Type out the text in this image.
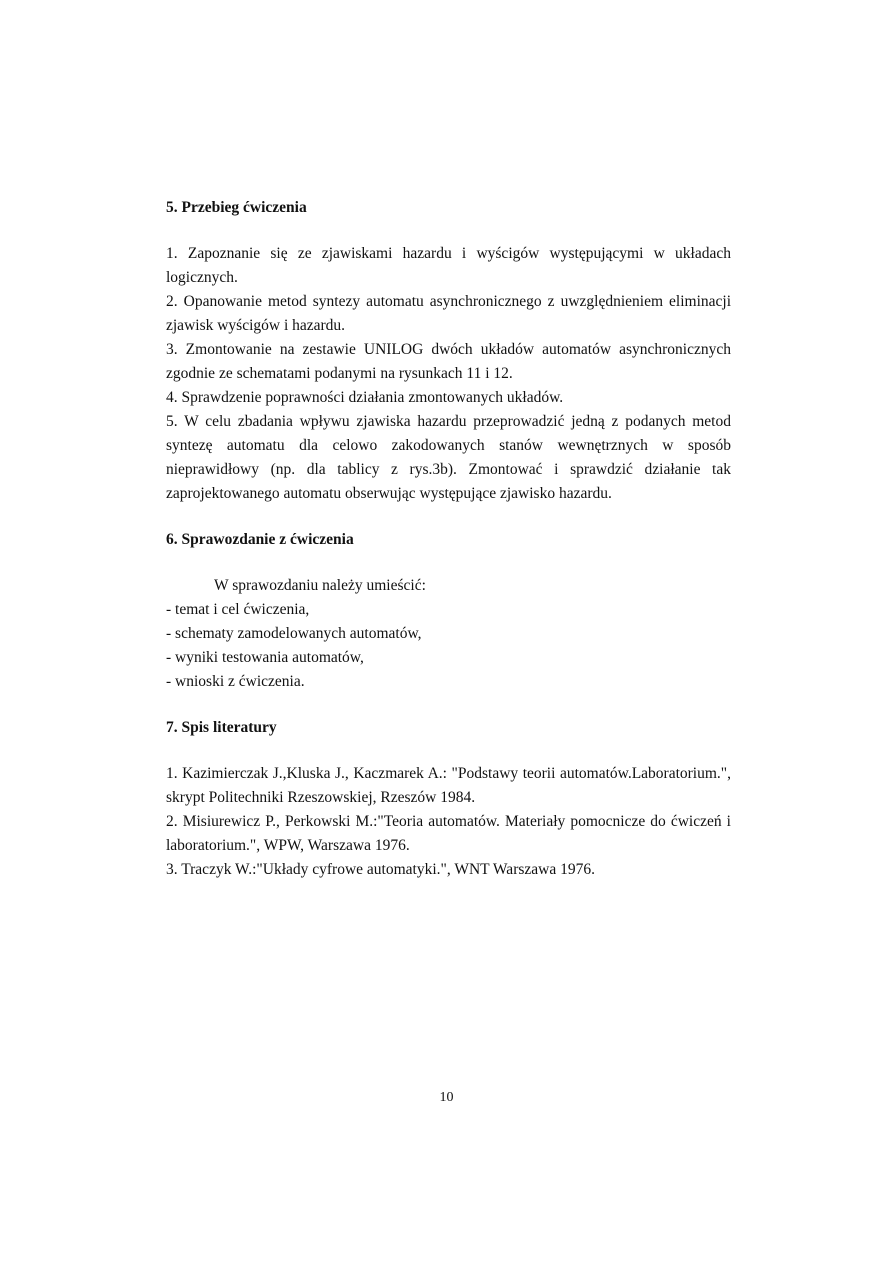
5. Przebieg ćwiczenia
1. Zapoznanie się ze zjawiskami hazardu i wyścigów występującymi w układach logicznych.
2. Opanowanie metod syntezy automatu asynchronicznego z uwzględnieniem eliminacji zjawisk wyścigów i hazardu.
3. Zmontowanie na zestawie UNILOG dwóch układów automatów asynchronicznych zgodnie ze schematami podanymi na rysunkach 11 i 12.
4. Sprawdzenie poprawności działania zmontowanych układów.
5. W celu zbadania wpływu zjawiska hazardu przeprowadzić jedną z podanych metod syntezę automatu dla celowo zakodowanych stanów wewnętrznych w sposób nieprawidłowy (np. dla tablicy z rys.3b). Zmontować i sprawdzić działanie tak zaprojektowanego automatu obserwując występujące zjawisko hazardu.
6. Sprawozdanie z ćwiczenia

W sprawozdaniu należy umieścić:

- temat i cel ćwiczenia,
- schematy zamodelowanych automatów,
- wyniki testowania automatów,
- wnioski z ćwiczenia.
7. Spis literatury
1. Kazimierczak J.,Kluska J., Kaczmarek A.: "Podstawy teorii automatów.Laboratorium.", skrypt Politechniki Rzeszowskiej, Rzeszów 1984.
2. Misiurewicz P., Perkowski M.:"Teoria automatów. Materiały pomocnicze do ćwiczeń i laboratorium.", WPW, Warszawa 1976.
3. Traczyk W.:"Układy cyfrowe automatyki.", WNT Warszawa 1976.
10
